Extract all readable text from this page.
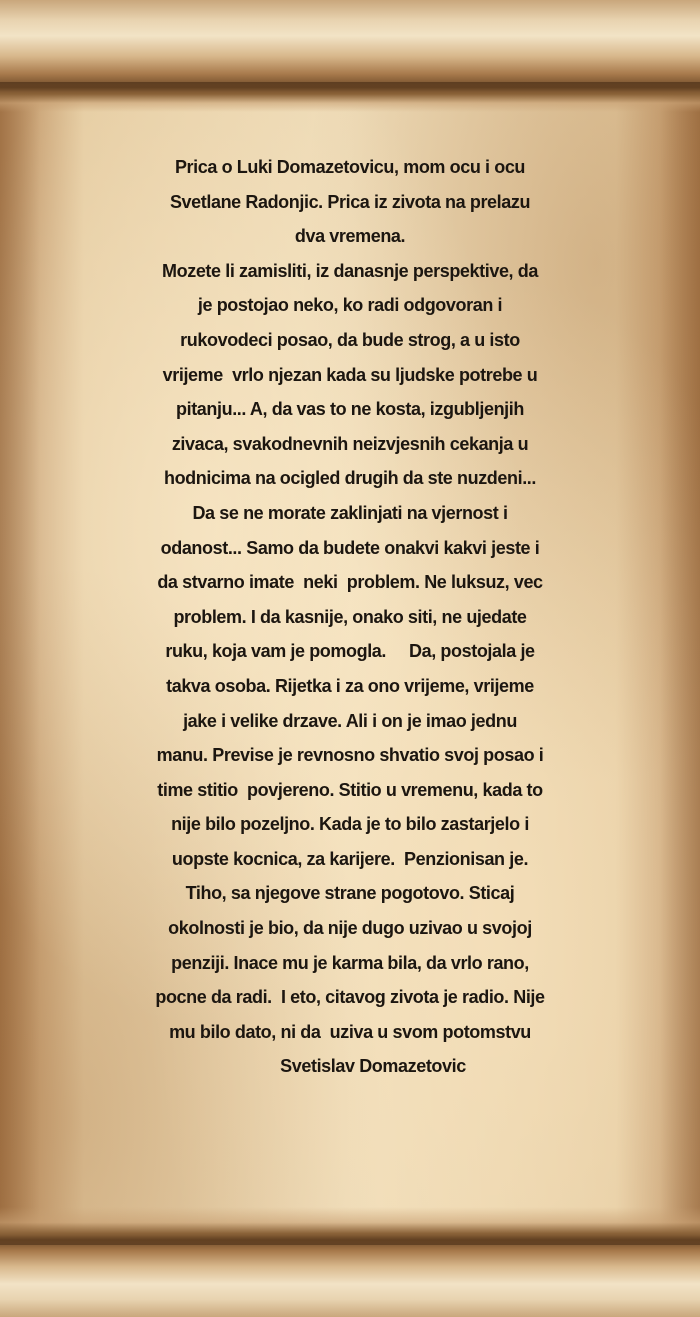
Prica o Luki Domazetovicu, mom ocu i ocu
Svetlane Radonjic. Prica iz zivota na prelazu
dva vremena.
Mozete li zamisliti, iz danasnje perspektive, da
je postojao neko, ko radi odgovoran i
rukovodeci posao, da bude strog, a u isto
vrijeme  vrlo njezan kada su ljudske potrebe u
pitanju... A, da vas to ne kosta, izgubljenjih
zivaca, svakodnevnih neizvjesnih cekanja u
hodnicima na ocigled drugih da ste nuzdeni...
Da se ne morate zaklinjati na vjernost i
odanost... Samo da budete onakvi kakvi jeste i
da stvarno imate  neki  problem. Ne luksuz, vec
problem. I da kasnije, onako siti, ne ujedate
ruku, koja vam je pomogla.     Da, postojala je
takva osoba. Rijetka i za ono vrijeme, vrijeme
jake i velike drzave. Ali i on je imao jednu
manu. Previse je revnosno shvatio svoj posao i
time stitio  povjereno. Stitio u vremenu, kada to
nije bilo pozeljno. Kada je to bilo zastarjelo i
uopste kocnica, za karijere.  Penzionisan je.
Tiho, sa njegove strane pogotovo. Sticaj
okolnosti je bio, da nije dugo uzivao u svojoj
penziji. Inace mu je karma bila, da vrlo rano,
pocne da radi.  I eto, citavog zivota je radio. Nije
mu bilo dato, ni da  uziva u svom potomstvu
Svetislav Domazetovic
